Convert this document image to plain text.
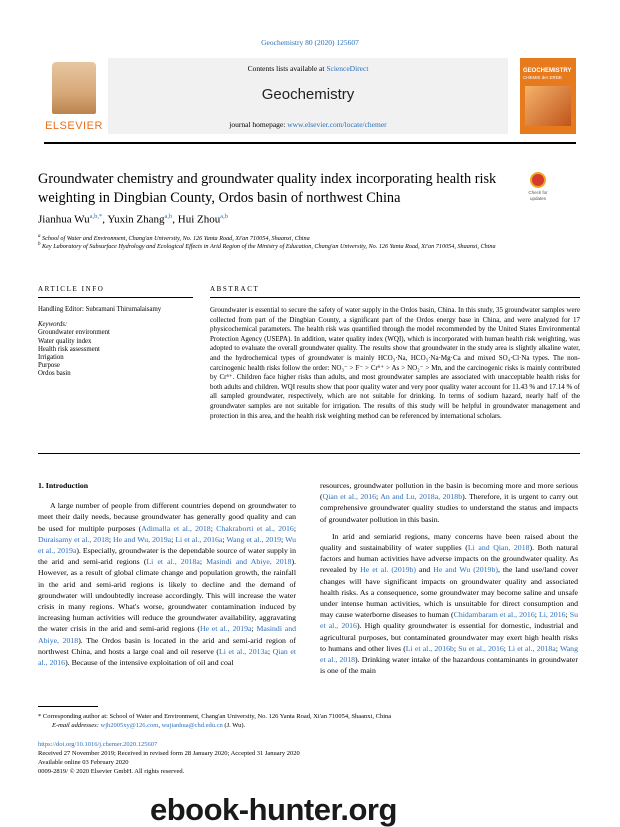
Geochemistry 80 (2020) 125607
ELSEVIER
Contents lists available at ScienceDirect
Geochemistry
journal homepage: www.elsevier.com/locate/chemer
GEOCHEMISTRY
CHEMIE der ERDE
Groundwater chemistry and groundwater quality index incorporating health risk weighting in Dingbian County, Ordos basin of northwest China	Check for updates
Jianhua $Wu^{a,b,*}$, Yuxin Zhang$^{a,b}$, Hui Zhou$^{a,b}$
$^a$ School of Water and Environment, Chang'an University, No. 126 Yanta Road, Xi'an 710054, Shaanxi, China
$^b$ Key Laboratory of Subsurface Hydrology and Ecological Effects in Arid Region of the Ministry of Education, Chang'an University, No. 126 Yanta Road, Xi'an 710054, Shaanxi, China
ARTICLE INFO	ABSTRACT
Handling Editor: Subramani Thirumalaisamy
Keywords:
Groundwater environment
Water quality index
Health risk assessment
Irrigation
Purpose
Ordos basin
Groundwater is essential to secure the safety of water supply in the Ordos basin, China. In this study, 35 groundwater samples were collected from part of the Dingbian County, a significant part of the Ordos energy base in China, and were analyzed for 17 physicochemical parameters. The health risk was quantified through the model recommended by the United States Environmental Protection Agency (USEPA). In addition, water quality index (WQI), which is incorporated with human health risk weighting, was adopted to evaluate the overall groundwater quality. The results show that groundwater in the study area is slightly alkaline water, and the hydrochemical types of groundwater is mainly HCO₃·Na, HCO₃·Na·Mg·Ca and mixed SO₄·Cl·Na types. The non-carcinogenic health risks follow the order: NO₃⁻ > F⁻ > Cr⁶⁺ > As > NO₂⁻ > Mn, and the carcinogenic risks is mainly contributed by Cr⁶⁺. Children face higher risks than adults, and most groundwater samples are associated with unacceptable health risks for both adults and children. WQI results show that poor quality water and very poor quality water account for 11.43 % and 17.14 % of all sampled groundwater, respectively, which are not suitable for drinking. In terms of sodium hazard, nearly half of the groundwater samples are not suitable for irrigation. The results of this study will be helpful in groundwater management and protection in this area, and the health risk weighting method can be referenced by international scholars.
1. Introduction

A large number of people from different countries depend on groundwater to meet their daily needs, because groundwater has generally good quality and can be used for multiple purposes (Adimalla et al., 2018; Chakraborti et al., 2016; Duraisamy et al., 2018; He and Wu, 2019a; Li et al., 2016a; Wang et al., 2019; Wu et al., 2019a). Especially, groundwater is the dependable source of water supply in the arid and semi-arid regions (Li et al., 2018a; Masindi and Abiye, 2018). However, as a result of global climate change and population growth, the rainfall in the arid and semi-arid regions is likely to decline and the demand of groundwater will undoubtedly increase accordingly. This will increase the water crisis in many regions. What's worse, groundwater contamination induced by increasing human activities will reduce the groundwater availability, aggravating the water crisis in the arid and semi-arid regions (He et al., 2019a; Masindi and Abiye, 2018). The Ordos basin is located in the arid and semi-arid region of northwest China, and hosts a large coal and oil reserve (Li et al., 2013a; Qian et al., 2016). Because of the intensive exploitation of oil and coal

resources, groundwater pollution in the basin is becoming more and more serious (Qian et al., 2016; An and Lu, 2018a, 2018b). Therefore, it is urgent to carry out comprehensive groundwater quality studies to understand the status and impacts of groundwater pollution in this basin.

In arid and semiarid regions, many concerns have been raised about the quality and sustainability of water supplies (Li and Qian, 2018). Both natural factors and human activities have adverse impacts on the groundwater quality. As revealed by He et al. (2019b) and He and Wu (2019b), the land use/land cover changes will have significant impacts on groundwater quality and associated health risks. As a consequence, some groundwater may become saline and unsafe under intense human activities, which is unsuitable for direct consumption and may cause waterborne diseases to human (Chidambaram et al., 2016; Li, 2016; Su et al., 2016). High quality groundwater is essential for domestic, industrial and agricultural purposes, but contaminated groundwater may exert high health risks to humans and other lives (Li et al., 2016b; Su et al., 2016; Li et al., 2018a; Wang et al., 2018). Drinking water intake of the hazardous contaminants in groundwater is one of the main

* Corresponding author at: School of Water and Environment, Chang'an University, No. 126 Yanta Road, Xi'an 710054, Shaanxi, China
E-mail addresses: wjh2005xy@126.com, wujianhua@chd.edu.cn (J. Wu).
https://doi.org/10.1016/j.chemer.2020.125607
Received 27 November 2019; Received in revised form 28 January 2020; Accepted 31 January 2020
Available online 03 February 2020
0009-2819/ © 2020 Elsevier GmbH. All rights reserved.
ebook-hunter.org
